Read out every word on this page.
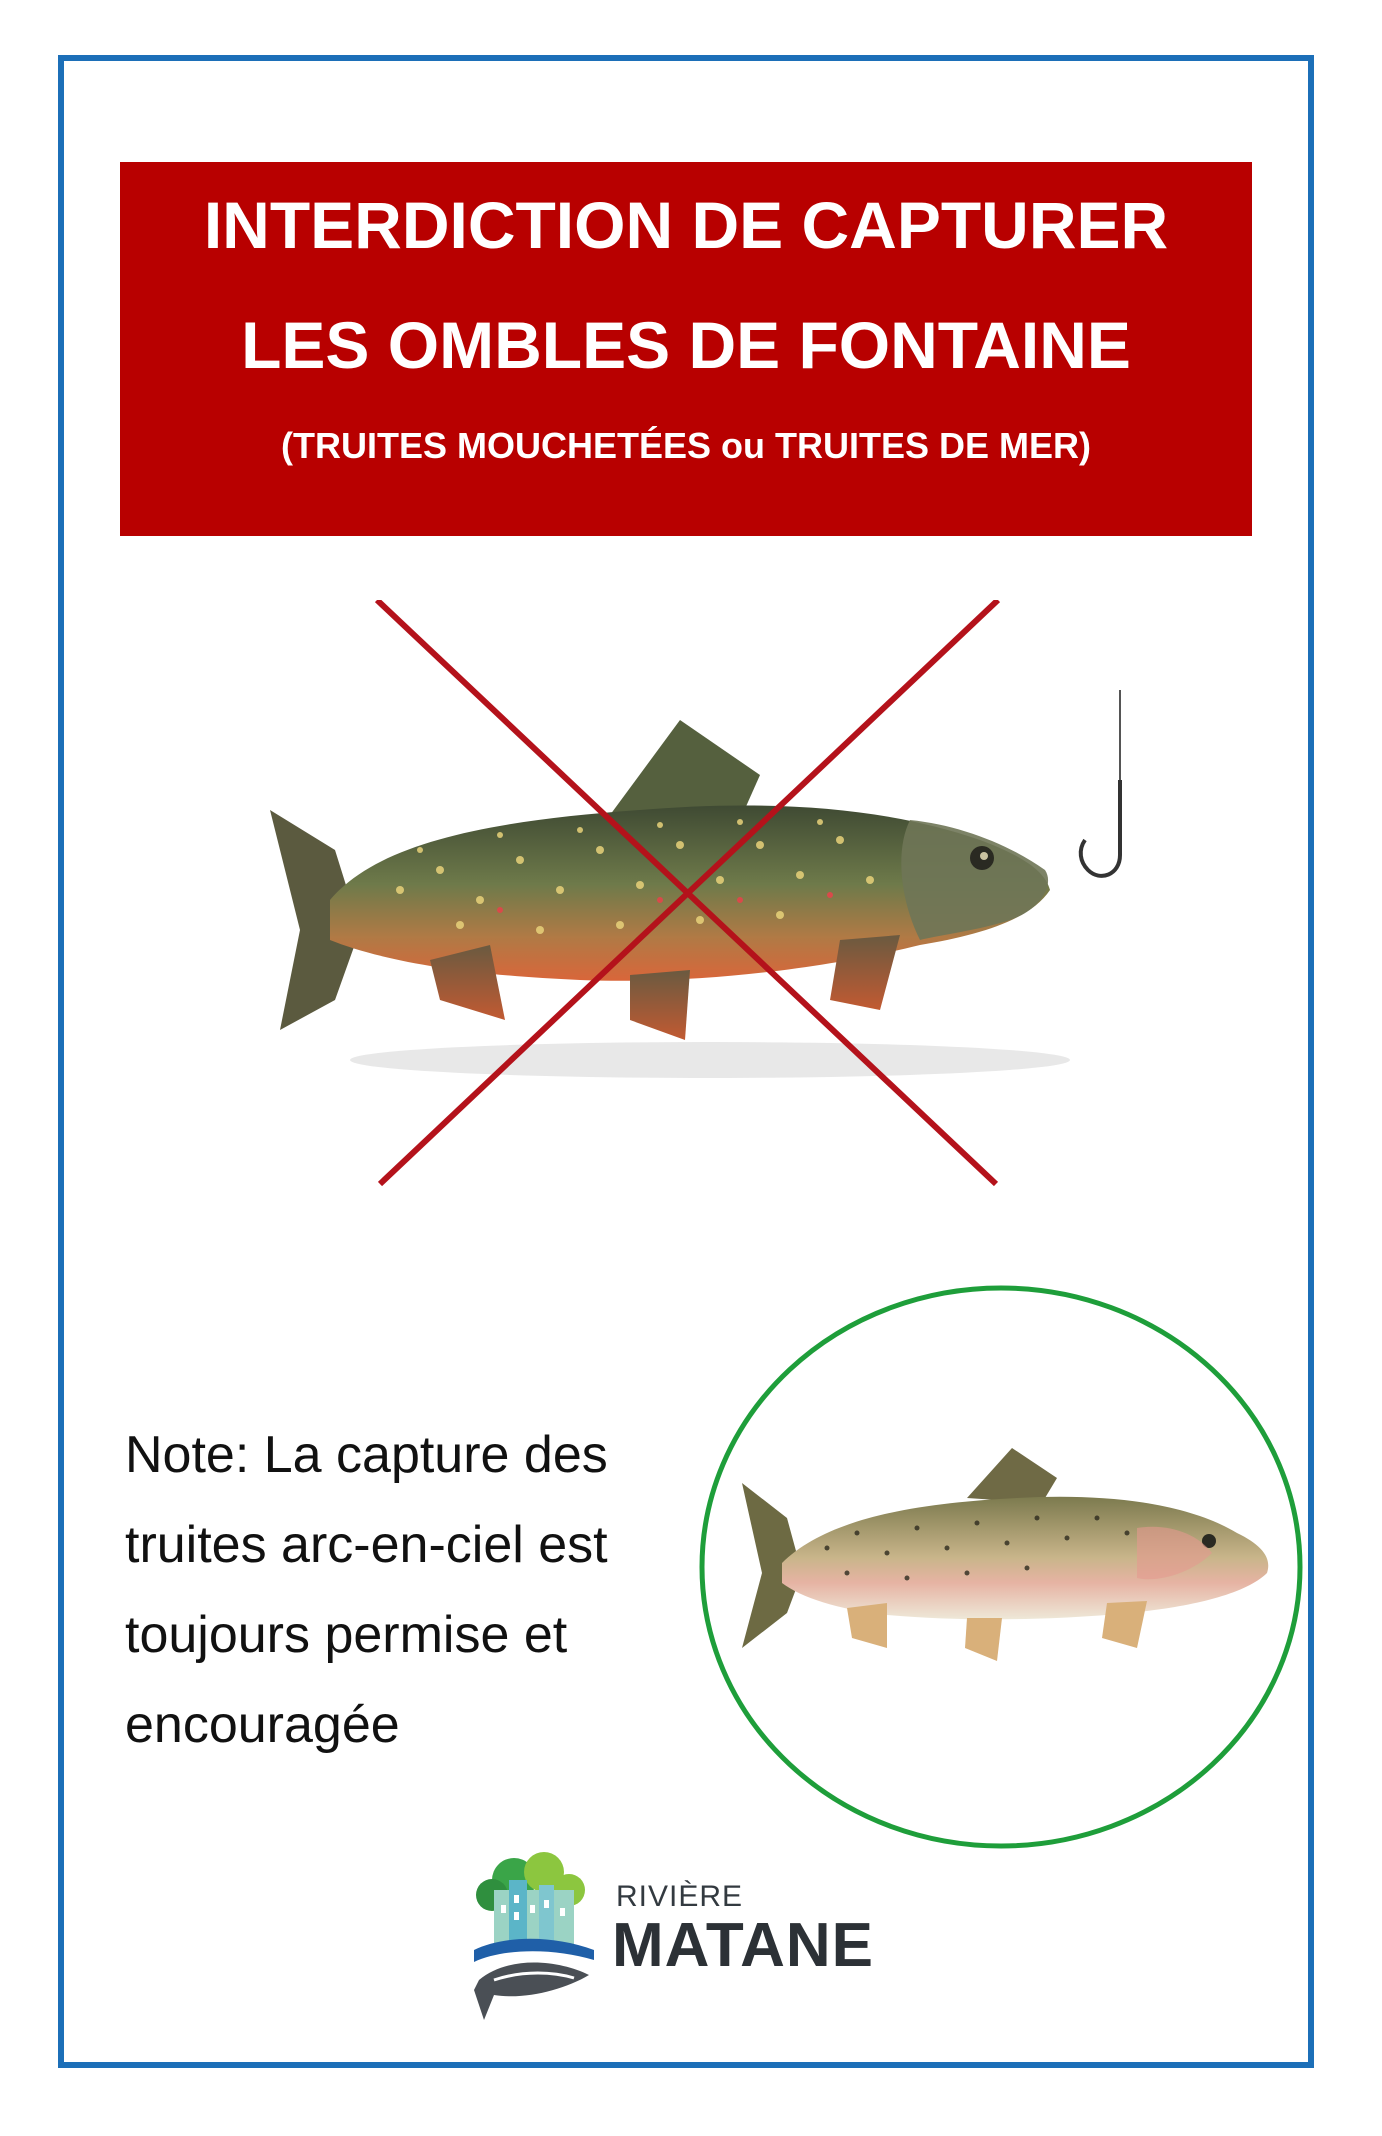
INTERDICTION DE CAPTURER
LES OMBLES DE FONTAINE
(TRUITES MOUCHETÉES ou TRUITES DE MER)
Note: La capture des
truites arc-en-ciel est
toujours permise et
encouragée
RIVIÈRE
MATANE
